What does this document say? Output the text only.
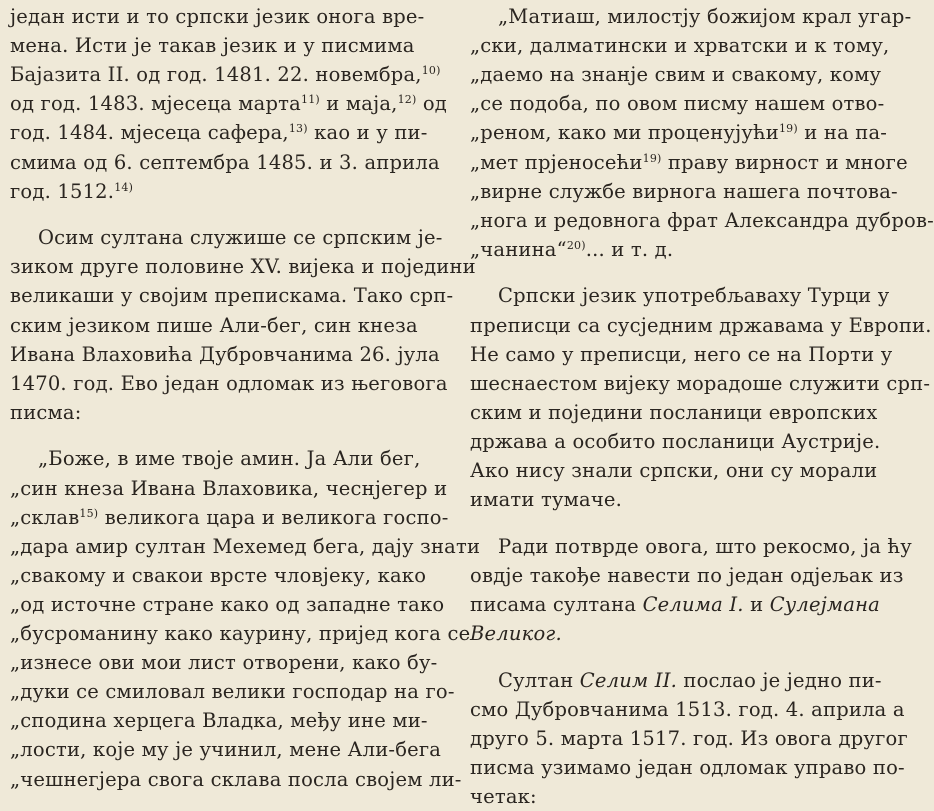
један исти и то српски језик онога вре-
мена. Исти је такав језик и у писмима
Бајазита II. од год. 1481. 22. новембра,$^{10)}$
од год. 1483. мјесеца марта$^{11)}$ и маја,$^{12)}$ од
год. 1484. мјесеца сафера,$^{13)}$ као и у пи-
смима од 6. септембра 1485. и 3. априла
год. 1512.$^{14)}$
Осим султана служише се српским је-
зиком друге половине XV. вијека и поједини
великаши у својим препискама. Тако срп-
ским језиком пише Али-бег, син кнеза
Ивана Влаховића Дубровчанима 26. јула
1470. год. Ево један одломак из његовога
писма:
„Боже, в име твоје амин. Ја Али бег,
„син кнеза Ивана Влаховика, чеснјегер и
„склав$^{15)}$ великога цара и великога госпо-
„дара амир султан Мехемед бега, дају знати
„свакому и свакои врсте чловјеку, како
„од источне стране како од западне тако
„бусроманину како каурину, пријед кога се
„изнесе ови мои лист отворени, како бу-
„дуки се смиловал велики господар на го-
„сподина херцега Владка, међу ине ми-
„лости, које му је учинил, мене Али-бега
„чешнегјера свога склава посла својем ли-
„Матиаш, милостју божијом крал угар-
„ски, далматински и хрватски и к тому,
„даемо на знанје свим и свакому, кому
„се подоба, по овом писму нашем отво-
„реном, како ми проценујући$^{19)}$ и на па-
„мет прјеносећи$^{19)}$ праву вирност и многе
„вирне службе вирнога нашега почтова-
„нога и редовнога фрат Александра дубров-
„чанина“$^{20)}$... и т. д.
Српски језик употребљаваху Турци у
преписци са сусједним државама у Европи.
Не само у преписци, него се на Порти у
шеснаестом вијеку морадоше служити срп-
ским и поједини посланици европских
држава а особито посланици Аустрије.
Ако нису знали српски, они су морали
имати тумаче.
Ради потврде овога, што рекосмо, ја ћу
овдје такође навести по један одјељак из
писама султана Селима I. и Сулејмана
Великог.
Султан Селим II. послао је једно пи-
смо Дубровчанима 1513. год. 4. априла а
друго 5. марта 1517. год. Из овога другог
писма узимамо један одломак управо по-
четак:
